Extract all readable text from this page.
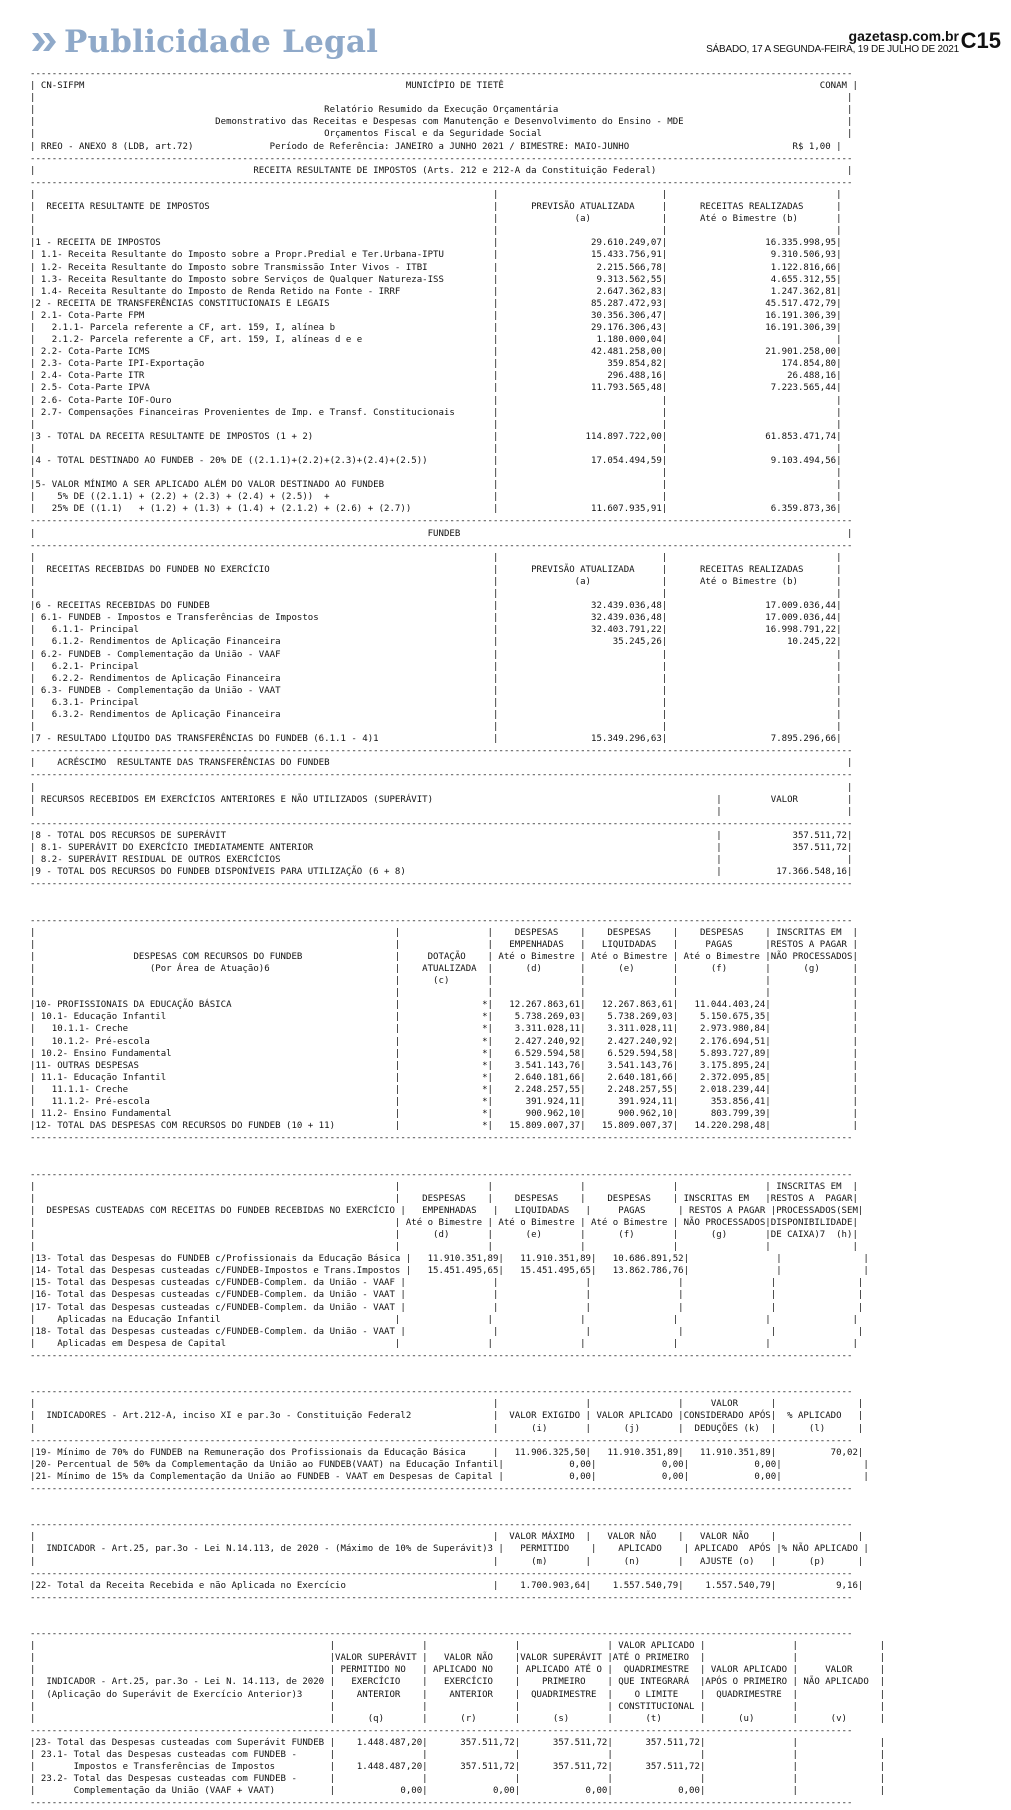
Publicidade Legal	gazetasp.com.br
SÁBADO, 17 A SEGUNDA-FEIRA, 19 DE JULHO DE 2021 C15
-------------------------------------------------------------------------------------------------------------------------------------------------------
| CN-SIFPM                                                           MUNICÍPIO DE TIETÊ                                                          CONAM |
|                                                                                                                                                     |
|                                                     Relatório Resumido da Execução Orçamentária                                                     |
|                                 Demonstrativo das Receitas e Despesas com Manutenção e Desenvolvimento do Ensino - MDE                              |
|                                                     Orçamentos Fiscal e da Seguridade Social                                                        |
| RREO - ANEXO 8 (LDB, art.72)              Período de Referência: JANEIRO a JUNHO 2021 / BIMESTRE: MAIO-JUNHO                              R$ 1,00 |
-------------------------------------------------------------------------------------------------------------------------------------------------------
|                                        RECEITA RESULTANTE DE IMPOSTOS (Arts. 212 e 212-A da Constituição Federal)                                   |
-------------------------------------------------------------------------------------------------------------------------------------------------------
|                                                                                    |                              |                               |
|  RECEITA RESULTANTE DE IMPOSTOS                                                    |      PREVISÃO ATUALIZADA     |      RECEITAS REALIZADAS      |
|                                                                                    |              (a)             |      Até o Bimestre (b)       |
|                                                                                    |                              |                               |
|1 - RECEITA DE IMPOSTOS                                                             |                 29.610.249,07|                  16.335.998,95|
| 1.1- Receita Resultante do Imposto sobre a Propr.Predial e Ter.Urbana-IPTU         |                 15.433.756,91|                   9.310.506,93|
| 1.2- Receita Resultante do Imposto sobre Transmissão Inter Vivos - ITBI            |                  2.215.566,78|                   1.122.816,66|
| 1.3- Receita Resultante do Imposto sobre Serviços de Qualquer Natureza-ISS         |                  9.313.562,55|                   4.655.312,55|
| 1.4- Receita Resultante do Imposto de Renda Retido na Fonte - IRRF                 |                  2.647.362,83|                   1.247.362,81|
|2 - RECEITA DE TRANSFERÊNCIAS CONSTITUCIONAIS E LEGAIS                              |                 85.287.472,93|                  45.517.472,79|
| 2.1- Cota-Parte FPM                                                                |                 30.356.306,47|                  16.191.306,39|
|   2.1.1- Parcela referente a CF, art. 159, I, alínea b                             |                 29.176.306,43|                  16.191.306,39|
|   2.1.2- Parcela referente a CF, art. 159, I, alíneas d e e                        |                  1.180.000,04|                               |
| 2.2- Cota-Parte ICMS                                                               |                 42.481.258,00|                  21.901.258,00|
| 2.3- Cota-Parte IPI-Exportação                                                     |                    359.854,82|                     174.854,80|
| 2.4- Cota-Parte ITR                                                                |                    296.488,16|                      26.488,16|
| 2.5- Cota-Parte IPVA                                                               |                 11.793.565,48|                   7.223.565,44|
| 2.6- Cota-Parte IOF-Ouro                                                           |                              |                               |
| 2.7- Compensações Financeiras Provenientes de Imp. e Transf. Constitucionais       |                              |                               |
|                                                                                    |                              |                               |
|3 - TOTAL DA RECEITA RESULTANTE DE IMPOSTOS (1 + 2)                                 |                114.897.722,00|                  61.853.471,74|
|                                                                                    |                              |                               |
|4 - TOTAL DESTINADO AO FUNDEB - 20% DE ((2.1.1)+(2.2)+(2.3)+(2.4)+(2.5))            |                 17.054.494,59|                   9.103.494,56|
|                                                                                    |                              |                               |
|5- VALOR MÍNIMO A SER APLICADO ALÉM DO VALOR DESTINADO AO FUNDEB                    |                              |                               |
|    5% DE ((2.1.1) + (2.2) + (2.3) + (2.4) + (2.5))  +                              |                              |                               |
|   25% DE ((1.1)   + (1.2) + (1.3) + (1.4) + (2.1.2) + (2.6) + (2.7))               |                 11.607.935,91|                   6.359.873,36|
-------------------------------------------------------------------------------------------------------------------------------------------------------
|                                                                        FUNDEB                                                                       |
-------------------------------------------------------------------------------------------------------------------------------------------------------
|                                                                                    |                              |                               |
|  RECEITAS RECEBIDAS DO FUNDEB NO EXERCÍCIO                                         |      PREVISÃO ATUALIZADA     |      RECEITAS REALIZADAS      |
|                                                                                    |              (a)             |      Até o Bimestre (b)       |
|                                                                                    |                              |                               |
|6 - RECEITAS RECEBIDAS DO FUNDEB                                                    |                 32.439.036,48|                  17.009.036,44|
| 6.1- FUNDEB - Impostos e Transferências de Impostos                                |                 32.439.036,48|                  17.009.036,44|
|   6.1.1- Principal                                                                 |                 32.403.791,22|                  16.998.791,22|
|   6.1.2- Rendimentos de Aplicação Financeira                                       |                     35.245,26|                      10.245,22|
| 6.2- FUNDEB - Complementação da União - VAAF                                       |                              |                               |
|   6.2.1- Principal                                                                 |                              |                               |
|   6.2.2- Rendimentos de Aplicação Financeira                                       |                              |                               |
| 6.3- FUNDEB - Complementação da União - VAAT                                       |                              |                               |
|   6.3.1- Principal                                                                 |                              |                               |
|   6.3.2- Rendimentos de Aplicação Financeira                                       |                              |                               |
|                                                                                    |                              |                               |
|7 - RESULTADO LÍQUIDO DAS TRANSFERÊNCIAS DO FUNDEB (6.1.1 - 4)1                     |                 15.349.296,63|                   7.895.296,66|
-------------------------------------------------------------------------------------------------------------------------------------------------------
|    ACRÉSCIMO  RESULTANTE DAS TRANSFERÊNCIAS DO FUNDEB                                                                                               |
-------------------------------------------------------------------------------------------------------------------------------------------------------
|                                                                                                                                                     |
| RECURSOS RECEBIDOS EM EXERCÍCIOS ANTERIORES E NÃO UTILIZADOS (SUPERÁVIT)                                                    |         VALOR         |
|                                                                                                                             |                       |
-------------------------------------------------------------------------------------------------------------------------------------------------------
|8 - TOTAL DOS RECURSOS DE SUPERÁVIT                                                                                          |             357.511,72|
| 8.1- SUPERÁVIT DO EXERCÍCIO IMEDIATAMENTE ANTERIOR                                                                          |             357.511,72|
| 8.2- SUPERÁVIT RESIDUAL DE OUTROS EXERCÍCIOS                                                                                |                       |
|9 - TOTAL DOS RECURSOS DO FUNDEB DISPONÍVEIS PARA UTILIZAÇÃO (6 + 8)                                                         |          17.366.548,16|
-------------------------------------------------------------------------------------------------------------------------------------------------------

-------------------------------------------------------------------------------------------------------------------------------------------------------
|                                                                  |                |    DESPESAS    |    DESPESAS    |    DESPESAS    | INSCRITAS EM  |
|                                                                  |                |   EMPENHADAS   |   LIQUIDADAS   |     PAGAS      |RESTOS A PAGAR |
|                  DESPESAS COM RECURSOS DO FUNDEB                 |     DOTAÇÃO    | Até o Bimestre | Até o Bimestre | Até o Bimestre |NÃO PROCESSADOS|
|                     (Por Área de Atuação)6                       |    ATUALIZADA  |      (d)       |      (e)       |      (f)       |      (g)      |
|                                                                  |      (c)       |                |                |                |               |
|                                                                  |                |                |                |                |               |
|10- PROFISSIONAIS DA EDUCAÇÃO BÁSICA                              |               *|   12.267.863,61|   12.267.863,61|   11.044.403,24|               |
| 10.1- Educação Infantil                                          |               *|    5.738.269,03|    5.738.269,03|    5.150.675,35|               |
|   10.1.1- Creche                                                 |               *|    3.311.028,11|    3.311.028,11|    2.973.980,84|               |
|   10.1.2- Pré-escola                                             |               *|    2.427.240,92|    2.427.240,92|    2.176.694,51|               |
| 10.2- Ensino Fundamental                                         |               *|    6.529.594,58|    6.529.594,58|    5.893.727,89|               |
|11- OUTRAS DESPESAS                                               |               *|    3.541.143,76|    3.541.143,76|    3.175.895,24|               |
| 11.1- Educação Infantil                                          |               *|    2.640.181,66|    2.640.181,66|    2.372.095,85|               |
|   11.1.1- Creche                                                 |               *|    2.248.257,55|    2.248.257,55|    2.018.239,44|               |
|   11.1.2- Pré-escola                                             |               *|      391.924,11|      391.924,11|      353.856,41|               |
| 11.2- Ensino Fundamental                                         |               *|      900.962,10|      900.962,10|      803.799,39|               |
|12- TOTAL DAS DESPESAS COM RECURSOS DO FUNDEB (10 + 11)           |               *|   15.809.007,37|   15.809.007,37|   14.220.298,48|               |
-------------------------------------------------------------------------------------------------------------------------------------------------------

-------------------------------------------------------------------------------------------------------------------------------------------------------
|                                                                  |                |                |                |                | INSCRITAS EM  |
|                                                                  |    DESPESAS    |    DESPESAS    |    DESPESAS    | INSCRITAS EM   |RESTOS A  PAGAR|
|  DESPESAS CUSTEADAS COM RECEITAS DO FUNDEB RECEBIDAS NO EXERCÍCIO |   EMPENHADAS   |   LIQUIDADAS   |     PAGAS      | RESTOS A PAGAR |PROCESSADOS(SEM|
|                                                                  | Até o Bimestre | Até o Bimestre | Até o Bimestre | NÃO PROCESSADOS|DISPONIBILIDADE|
|                                                                  |      (d)       |      (e)       |      (f)       |      (g)       |DE CAIXA)7  (h)|
|                                                                  |                |                |                |                |               |
|13- Total das Despesas do FUNDEB c/Profissionais da Educação Básica |   11.910.351,89|   11.910.351,89|   10.686.891,52|                |               |
|14- Total das Despesas custeadas c/FUNDEB-Impostos e Trans.Impostos |   15.451.495,65|   15.451.495,65|   13.862.786,76|                |               |
|15- Total das Despesas custeadas c/FUNDEB-Complem. da União - VAAF |                |                |                |                |               |
|16- Total das Despesas custeadas c/FUNDEB-Complem. da União - VAAT |                |                |                |                |               |
|17- Total das Despesas custeadas c/FUNDEB-Complem. da União - VAAT |                |                |                |                |               |
|    Aplicadas na Educação Infantil                                |                |                |                |                |               |
|18- Total das Despesas custeadas c/FUNDEB-Complem. da União - VAAT |                |                |                |                |               |
|    Aplicadas em Despesa de Capital                               |                |                |                |                |               |
-------------------------------------------------------------------------------------------------------------------------------------------------------

-------------------------------------------------------------------------------------------------------------------------------------------------------
|                                                                                    |                |                |     VALOR      |               |
|  INDICADORES - Art.212-A, inciso XI e par.3o - Constituição Federal2               |  VALOR EXIGIDO | VALOR APLICADO |CONSIDERADO APÓS|  % APLICADO   |
|                                                                                    |      (i)       |      (j)       |  DEDUÇÕES (k)  |      (l)      |
-------------------------------------------------------------------------------------------------------------------------------------------------------
|19- Mínimo de 70% do FUNDEB na Remuneração dos Profissionais da Educação Básica     |   11.906.325,50|   11.910.351,89|   11.910.351,89|          70,02|
|20- Percentual de 50% da Complementação da União ao FUNDEB(VAAT) na Educação Infantil|            0,00|            0,00|            0,00|               |
|21- Mínimo de 15% da Complementação da União ao FUNDEB - VAAT em Despesas de Capital |            0,00|            0,00|            0,00|               |
-------------------------------------------------------------------------------------------------------------------------------------------------------

-------------------------------------------------------------------------------------------------------------------------------------------------------
|                                                                                    |  VALOR MÁXIMO  |   VALOR NÃO    |   VALOR NÃO    |               |
|  INDICADOR - Art.25, par.3o - Lei N.14.113, de 2020 - (Máximo de 10% de Superávit)3 |   PERMITIDO    |    APLICADO    | APLICADO  APÓS |% NÃO APLICADO |
|                                                                                    |      (m)       |      (n)       |   AJUSTE (o)   |      (p)      |
-------------------------------------------------------------------------------------------------------------------------------------------------------
|22- Total da Receita Recebida e não Aplicada no Exercício                           |    1.700.903,64|    1.557.540,79|    1.557.540,79|           9,16|
-------------------------------------------------------------------------------------------------------------------------------------------------------

-------------------------------------------------------------------------------------------------------------------------------------------------------
|                                                      |                |                |                | VALOR APLICADO |                |               |
|                                                      |VALOR SUPERÁVIT |   VALOR NÃO    |VALOR SUPERÁVIT |ATÉ O PRIMEIRO  |                |               |
|                                                      | PERMITIDO NO   | APLICADO NO    | APLICADO ATÉ O |  QUADRIMESTRE  | VALOR APLICADO |     VALOR     |
|  INDICADOR - Art.25, par.3o - Lei N. 14.113, de 2020 |   EXERCÍCIO    |   EXERCÍCIO    |    PRIMEIRO    | QUE INTEGRARÁ  |APÓS O PRIMEIRO | NÃO APLICADO  |
|  (Aplicação do Superávit de Exercício Anterior)3     |    ANTERIOR    |    ANTERIOR    |  QUADRIMESTRE  |    O LIMITE    |  QUADRIMESTRE  |               |
|                                                      |                |                |                | CONSTITUCIONAL |                |               |
|                                                      |      (q)       |      (r)       |      (s)       |      (t)       |      (u)       |      (v)      |
-------------------------------------------------------------------------------------------------------------------------------------------------------
|23- Total das Despesas custeadas com Superávit FUNDEB |    1.448.487,20|      357.511,72|      357.511,72|      357.511,72|                |               |
| 23.1- Total das Despesas custeadas com FUNDEB -      |                |                |                |                |                |               |
|       Impostos e Transferências de Impostos          |    1.448.487,20|      357.511,72|      357.511,72|      357.511,72|                |               |
| 23.2- Total das Despesas custeadas com FUNDEB -      |                |                |                |                |                |               |
|       Complementação da União (VAAF + VAAT)          |            0,00|            0,00|            0,00|            0,00|                |               |
-------------------------------------------------------------------------------------------------------------------------------------------------------
